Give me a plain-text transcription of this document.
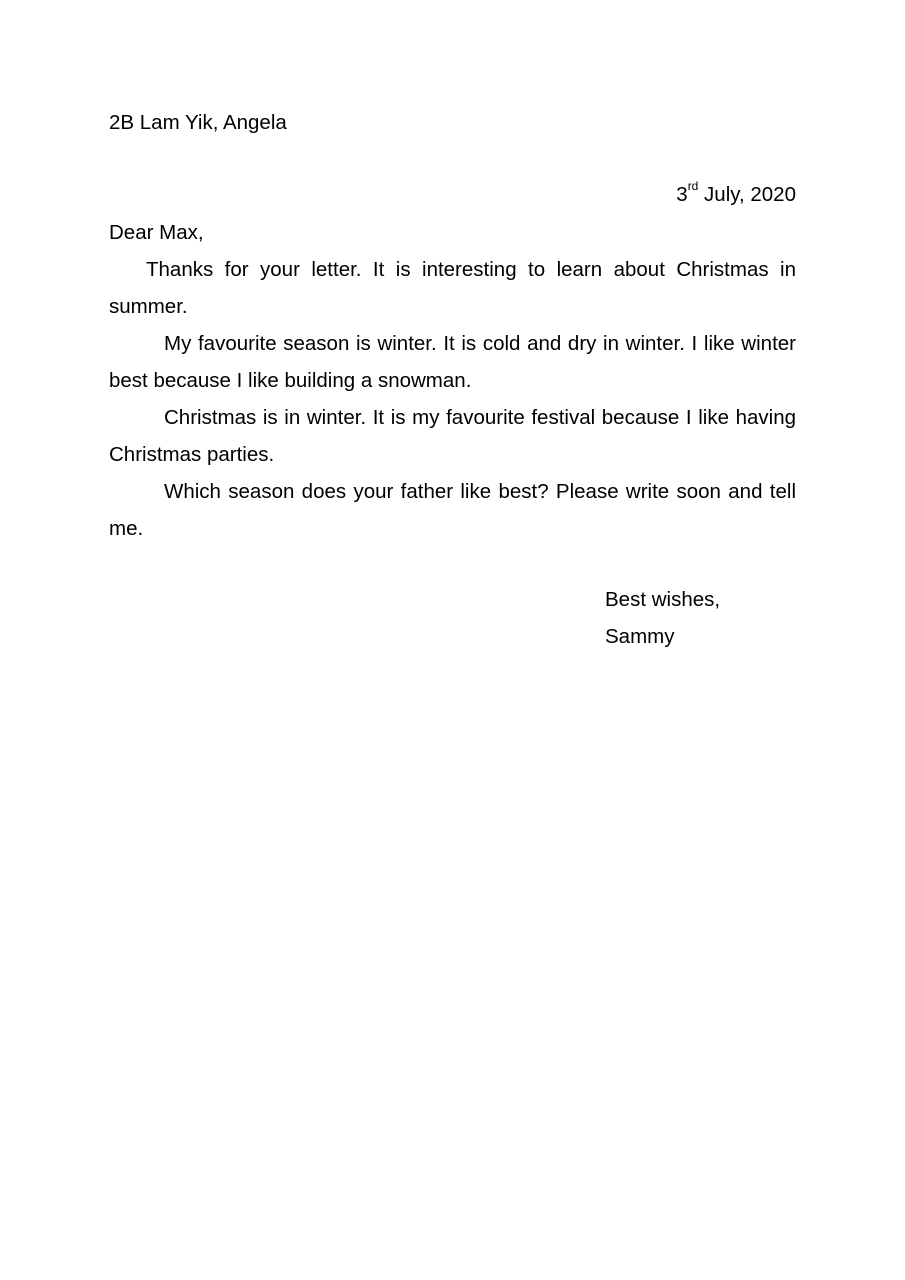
2B Lam Yik, Angela
3rd July, 2020
Dear Max,

Thanks for your letter. It is interesting to learn about Christmas in summer.

My favourite season is winter. It is cold and dry in winter. I like winter best because I like building a snowman.

Christmas is in winter. It is my favourite festival because I like having Christmas parties.

Which season does your father like best? Please write soon and tell me.

Best wishes,
Sammy
